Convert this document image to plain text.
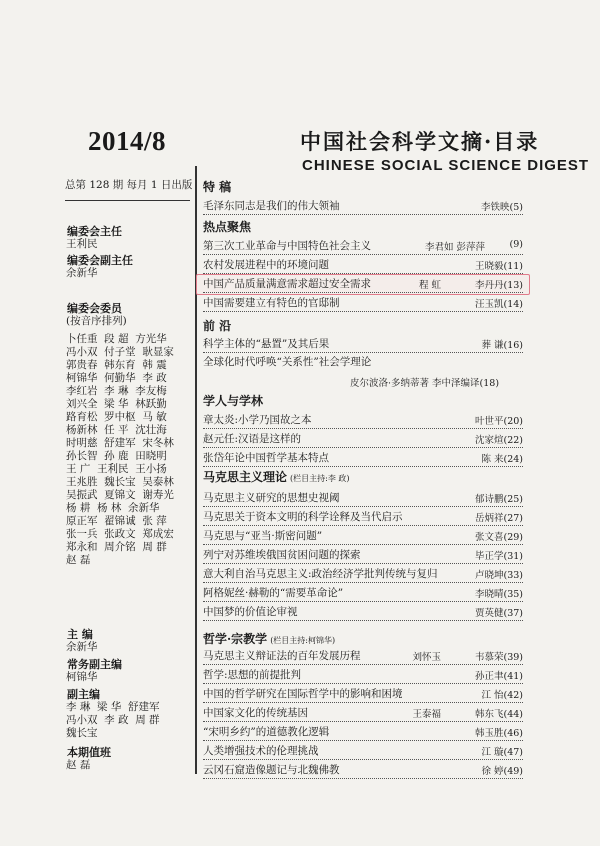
2014/8	中国社会科学文摘·目录
CHINESE SOCIAL SCIENCE DIGEST
总第 128 期 每月 1 日出版
编委会主任
王利民
编委会副主任
余新华
编委会委员
(按音序排列)
卜任重  段 超  方光华
冯小双  付子堂  耿显家
郭贵春  韩东育  韩 震
柯锦华  何勤华  李 政
李红岩  李 琳  李友梅
刘兴全  梁 华  林跃勤
路育松  罗中枢  马 敏
杨新林  任 平  沈壮海
时明慈  舒建军  宋冬林
孙长智  孙 鹿  田晓明
王 广  王利民  王小扬
王兆胜  魏长宝  吴泰林
吴振武  夏锦文  谢寿光
杨 耕  杨 林  余新华
原正军  翟锦诚  张 萍
张一兵  张政文  郑成宏
郑永和  周介铭  周 群
赵 磊
主 编
余新华
常务副主编
柯锦华
副主编
李 琳  梁 华  舒建军
冯小双  李 政  周 群
魏长宝
本期值班
赵 磊
特 稿
热点聚焦
前 沿
学人与学林
马克思主义理论 (栏目主持:李 政)
哲学·宗教学 (栏目主持:柯锦华)
毛泽东同志是我们的伟大领袖	李铁映(5)
第三次工业革命与中国特色社会主义	李君如 彭萍萍	(9)
农村发展进程中的环境问题	王晓毅(11)
中国产品质量满意需求超过安全需求	程 虹	李丹丹(13)
中国需要建立有特色的官邸制	汪玉凯(14)
科学主体的“悬置”及其后果	葬 谦(16)
全球化时代呼唤“关系性”社会学理论
皮尔波洛·多纳蒂著 李中泽编译(18)
章太炎:小学乃国故之本	叶世平(20)
赵元任:汉语是这样的	沈家煊(22)
张岱年论中国哲学基本特点	陈 来(24)
马克思主义研究的思想史视阈	郁诗鹏(25)
马克思关于资本文明的科学诠释及当代启示	岳炳祥(27)
马克思与“亚当·斯密问题”	张文喜(29)
列宁对苏维埃俄国贫困问题的探索	毕正学(31)
意大利自治马克思主义:政治经济学批判传统与复归	卢晓坤(33)
阿格妮丝·赫勒的“需要革命论”	李晓晴(35)
中国梦的价值论审视	贾英健(37)
马克思主义辩证法的百年发展历程	刘怀玉	韦慕荣(39)
哲学:思想的前提批判	孙正聿(41)
中国的哲学研究在国际哲学中的影响和困境	江 怡(42)
中国家文化的传统基因	王泰福	韩东飞(44)
“宋明乡约”的道德教化逻辑	韩玉胜(46)
人类增强技术的伦理挑战	江 璇(47)
云冈石窟造像题记与北魏佛教	徐 婷(49)
